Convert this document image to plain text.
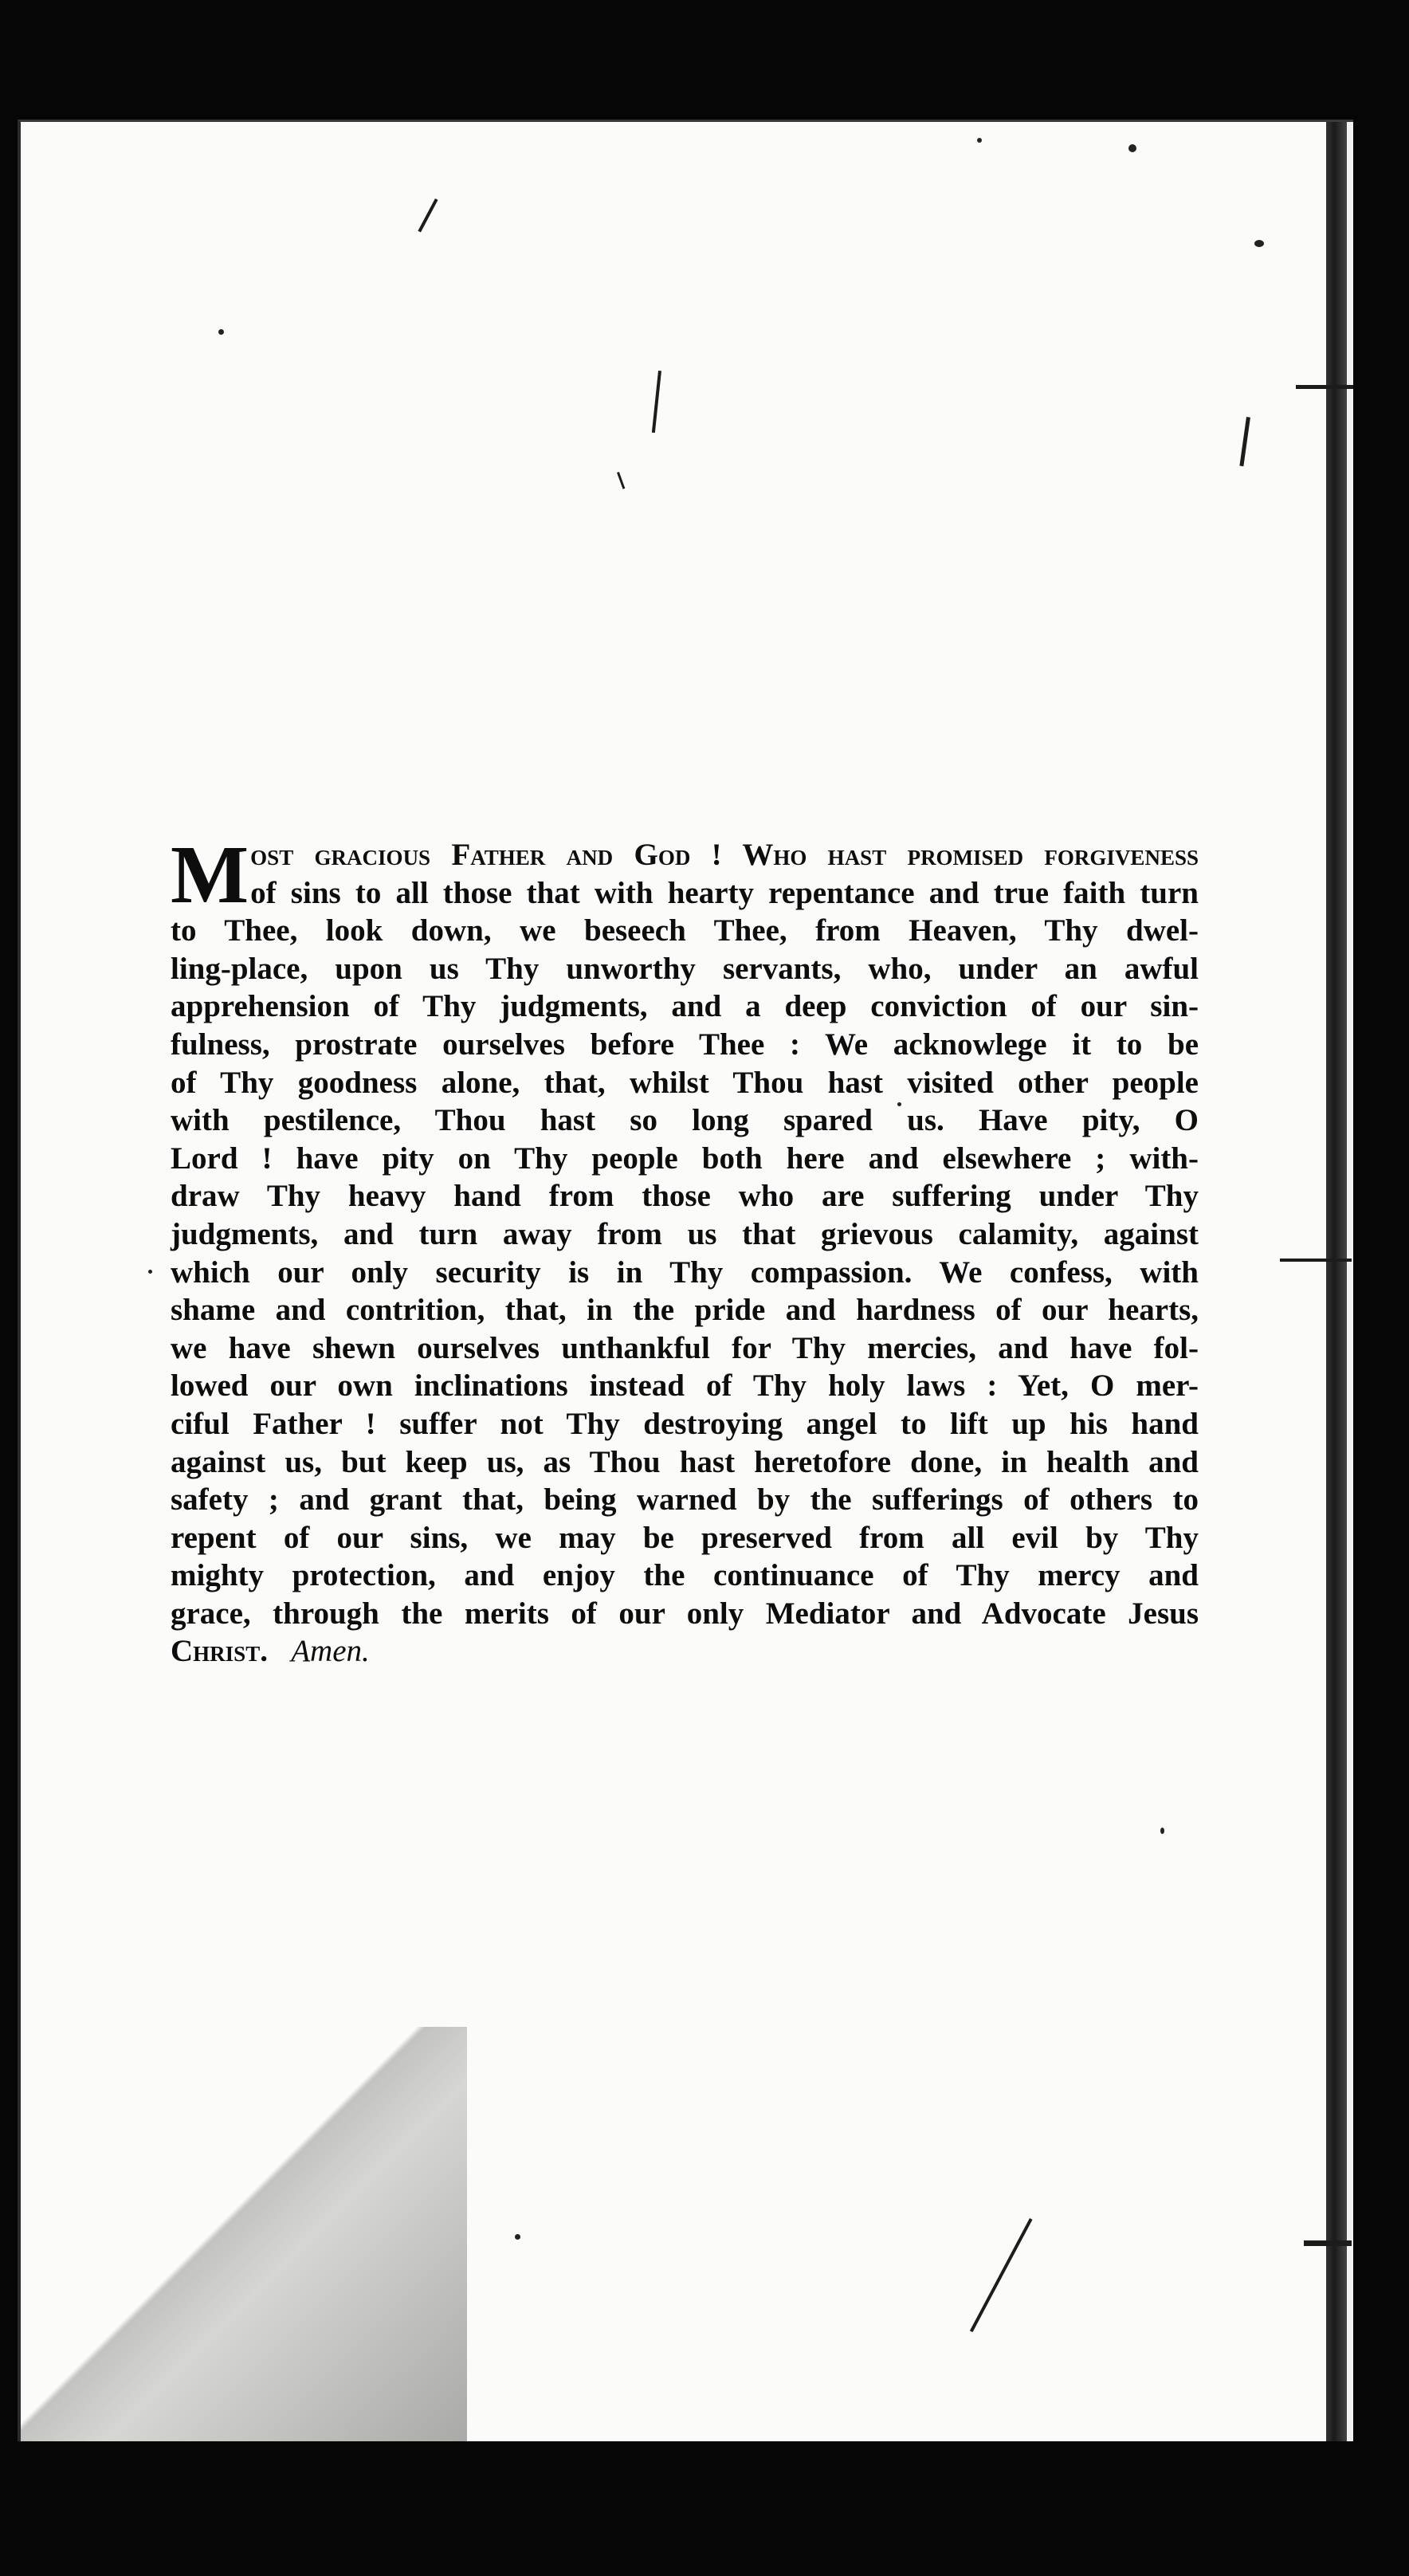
Most gracious Father and God ! Who hast promised forgiveness
of sins to all those that with hearty repentance and true faith turn
to Thee, look down, we beseech Thee, from Heaven, Thy dwel-
ling-place, upon us Thy unworthy servants, who, under an awful
apprehension of Thy judgments, and a deep conviction of our sin-
fulness, prostrate ourselves before Thee : We acknowlege it to be
of Thy goodness alone, that, whilst Thou hast visited other people
with pestilence, Thou hast so long spared us. Have pity, O
Lord ! have pity on Thy people both here and elsewhere ; with-
draw Thy heavy hand from those who are suffering under Thy
judgments, and turn away from us that grievous calamity, against
which our only security is in Thy compassion. We confess, with
shame and contrition, that, in the pride and hardness of our hearts,
we have shewn ourselves unthankful for Thy mercies, and have fol-
lowed our own inclinations instead of Thy holy laws : Yet, O mer-
ciful Father ! suffer not Thy destroying angel to lift up his hand
against us, but keep us, as Thou hast heretofore done, in health and
safety ; and grant that, being warned by the sufferings of others to
repent of our sins, we may be preserved from all evil by Thy
mighty protection, and enjoy the continuance of Thy mercy and
grace, through the merits of our only Mediator and Advocate Jesus
Christ. Amen.
